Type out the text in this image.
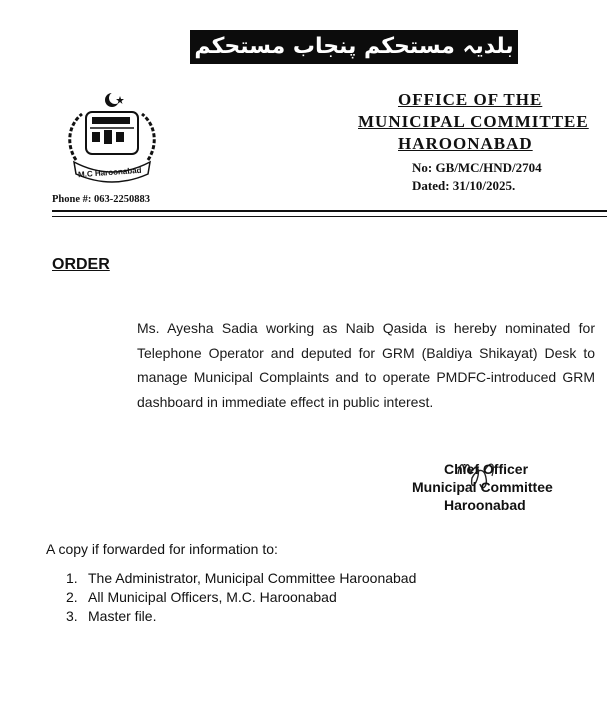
بلدیہ مستحکم پنجاب مستحکم
M.C Haroonabad
Phone #: 063-2250883
OFFICE OF THE
MUNICIPAL COMMITTEE
HAROONABAD
No: GB/MC/HND/2704
Dated: 31/10/2025.
ORDER
Ms. Ayesha Sadia working as Naib Qasida is hereby nominated for Telephone Operator and deputed for GRM (Baldiya Shikayat) Desk to manage Municipal Complaints and to operate PMDFC-introduced GRM dashboard in immediate effect in public interest.
Chief Officer
Municipal Committee
Haroonabad
A copy if forwarded for information to:
1. The Administrator, Municipal Committee Haroonabad
2. All Municipal Officers, M.C. Haroonabad
3. Master file.
